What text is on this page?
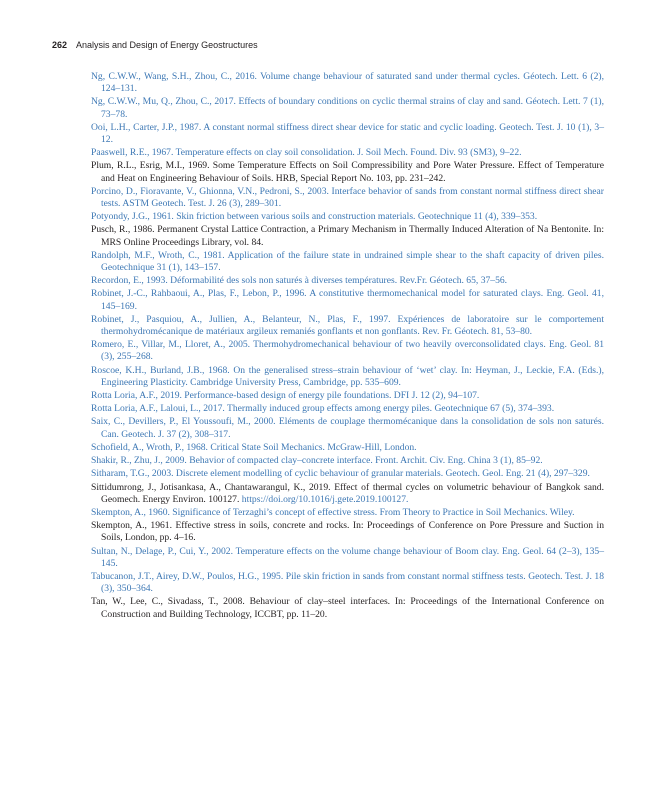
262 Analysis and Design of Energy Geostructures
Ng, C.W.W., Wang, S.H., Zhou, C., 2016. Volume change behaviour of saturated sand under thermal cycles. Géotech. Lett. 6 (2), 124–131.
Ng, C.W.W., Mu, Q., Zhou, C., 2017. Effects of boundary conditions on cyclic thermal strains of clay and sand. Géotech. Lett. 7 (1), 73–78.
Ooi, L.H., Carter, J.P., 1987. A constant normal stiffness direct shear device for static and cyclic loading. Geotech. Test. J. 10 (1), 3–12.
Paaswell, R.E., 1967. Temperature effects on clay soil consolidation. J. Soil Mech. Found. Div. 93 (SM3), 9–22.
Plum, R.L., Esrig, M.I., 1969. Some Temperature Effects on Soil Compressibility and Pore Water Pressure. Effect of Temperature and Heat on Engineering Behaviour of Soils. HRB, Special Report No. 103, pp. 231–242.
Porcino, D., Fioravante, V., Ghionna, V.N., Pedroni, S., 2003. Interface behavior of sands from constant normal stiffness direct shear tests. ASTM Geotech. Test. J. 26 (3), 289–301.
Potyondy, J.G., 1961. Skin friction between various soils and construction materials. Geotechnique 11 (4), 339–353.
Pusch, R., 1986. Permanent Crystal Lattice Contraction, a Primary Mechanism in Thermally Induced Alteration of Na Bentonite. In: MRS Online Proceedings Library, vol. 84.
Randolph, M.F., Wroth, C., 1981. Application of the failure state in undrained simple shear to the shaft capacity of driven piles. Geotechnique 31 (1), 143–157.
Recordon, E., 1993. Déformabilité des sols non saturés à diverses températures. Rev.Fr. Géotech. 65, 37–56.
Robinet, J.-C., Rahbaoui, A., Plas, F., Lebon, P., 1996. A constitutive thermomechanical model for saturated clays. Eng. Geol. 41, 145–169.
Robinet, J., Pasquiou, A., Jullien, A., Belanteur, N., Plas, F., 1997. Expériences de laboratoire sur le comportement thermohydromécanique de matériaux argileux remaniés gonflants et non gonflants. Rev. Fr. Géotech. 81, 53–80.
Romero, E., Villar, M., Lloret, A., 2005. Thermohydromechanical behaviour of two heavily overconsolidated clays. Eng. Geol. 81 (3), 255–268.
Roscoe, K.H., Burland, J.B., 1968. On the generalised stress–strain behaviour of ‘wet’ clay. In: Heyman, J., Leckie, F.A. (Eds.), Engineering Plasticity. Cambridge University Press, Cambridge, pp. 535–609.
Rotta Loria, A.F., 2019. Performance-based design of energy pile foundations. DFI J. 12 (2), 94–107.
Rotta Loria, A.F., Laloui, L., 2017. Thermally induced group effects among energy piles. Geotechnique 67 (5), 374–393.
Saix, C., Devillers, P., El Youssoufi, M., 2000. Eléments de couplage thermomécanique dans la consolidation de sols non saturés. Can. Geotech. J. 37 (2), 308–317.
Schofield, A., Wroth, P., 1968. Critical State Soil Mechanics. McGraw-Hill, London.
Shakir, R., Zhu, J., 2009. Behavior of compacted clay–concrete interface. Front. Archit. Civ. Eng. China 3 (1), 85–92.
Sitharam, T.G., 2003. Discrete element modelling of cyclic behaviour of granular materials. Geotech. Geol. Eng. 21 (4), 297–329.
Sittidumrong, J., Jotisankasa, A., Chantawarangul, K., 2019. Effect of thermal cycles on volumetric behaviour of Bangkok sand. Geomech. Energy Environ. 100127. https://doi.org/10.1016/j.gete.2019.100127.
Skempton, A., 1960. Significance of Terzaghi’s concept of effective stress. From Theory to Practice in Soil Mechanics. Wiley.
Skempton, A., 1961. Effective stress in soils, concrete and rocks. In: Proceedings of Conference on Pore Pressure and Suction in Soils, London, pp. 4–16.
Sultan, N., Delage, P., Cui, Y., 2002. Temperature effects on the volume change behaviour of Boom clay. Eng. Geol. 64 (2–3), 135–145.
Tabucanon, J.T., Airey, D.W., Poulos, H.G., 1995. Pile skin friction in sands from constant normal stiffness tests. Geotech. Test. J. 18 (3), 350–364.
Tan, W., Lee, C., Sivadass, T., 2008. Behaviour of clay–steel interfaces. In: Proceedings of the International Conference on Construction and Building Technology, ICCBT, pp. 11–20.
